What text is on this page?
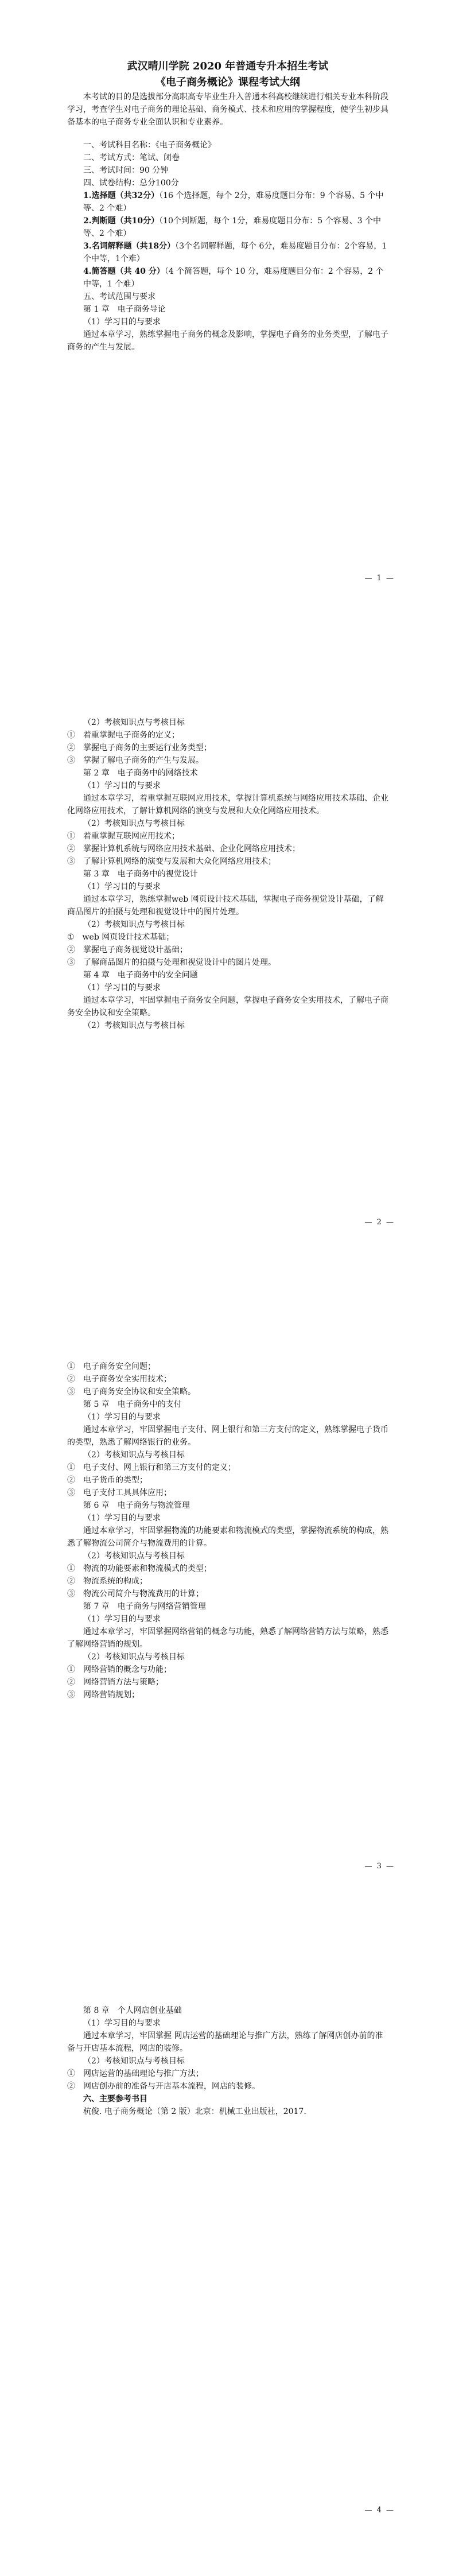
武汉晴川学院 2020 年普通专升本招生考试

《电子商务概论》课程考试大纲

本考试的目的是选拔部分高职高专毕业生升入普通本科高校继续进行相关专业本科阶段学习，考查学生对电子商务的理论基础、商务模式、技术和应用的掌握程度，使学生初步具备基本的电子商务专业全面认识和专业素养。

一、考试科目名称：《电子商务概论》

二、考试方式：笔试、闭卷

三、考试时间：90 分钟

四、试卷结构：总分100分

1.选择题（共32分）（16 个选择题，每个 2分，难易度题目分布：9 个容易、5 个中等、2 个难）

2.判断题（共10分）（10个判断题，每个 1分，难易度题目分布：5 个容易、3 个中等、2 个难）

3.名词解释题（共18分）（3个名词解释题，每个 6分，难易度题目分布：2个容易，1个中等，1个难）

4.简答题（共 40 分）（4 个简答题，每个 10 分，难易度题目分布：2 个容易，2 个中等，1 个难）

五、考试范围与要求

第 1 章　电子商务导论

（1）学习目的与要求

通过本章学习，熟练掌握电子商务的概念及影响，掌握电子商务的业务类型，了解电子商务的产生与发展。

— 1 —

（2）考核知识点与考核目标

①　着重掌握电子商务的定义；

②　掌握电子商务的主要运行业务类型；

③　掌握了解电子商务的产生与发展。

第 2 章　电子商务中的网络技术

（1）学习目的与要求

通过本章学习，着重掌握互联网应用技术，掌握计算机系统与网络应用技术基础、企业化网络应用技术，了解计算机网络的演变与发展和大众化网络应用技术。

（2）考核知识点与考核目标

①　着重掌握互联网应用技术；

②　掌握计算机系统与网络应用技术基础、企业化网络应用技术；

③　了解计算机网络的演变与发展和大众化网络应用技术；

第 3 章　电子商务中的视觉设计

（1）学习目的与要求

通过本章学习，熟练掌握web 网页设计技术基础，掌握电子商务视觉设计基础，了解商品图片的拍摄与处理和视觉设计中的图片处理。

（2）考核知识点与考核目标

①　web 网页设计技术基础；

②　掌握电子商务视觉设计基础；

③　了解商品图片的拍摄与处理和视觉设计中的图片处理。

第 4 章　电子商务中的安全问题

（1）学习目的与要求

通过本章学习，牢固掌握电子商务安全问题，掌握电子商务安全实用技术，了解电子商务安全协议和安全策略。

（2）考核知识点与考核目标

— 2 —

①　电子商务安全问题；

②　电子商务安全实用技术；

③　电子商务安全协议和安全策略。

第 5 章　电子商务中的支付

（1）学习目的与要求

通过本章学习，牢固掌握电子支付、网上银行和第三方支付的定义，熟练掌握电子货币的类型，熟悉了解网络银行的业务。

（2）考核知识点与考核目标

①　电子支付、网上银行和第三方支付的定义；

②　电子货币的类型；

③　电子支付工具具体应用；

第 6 章　电子商务与物流管理

（1）学习目的与要求

通过本章学习，牢固掌握物流的功能要素和物流模式的类型，掌握物流系统的构成，熟悉了解物流公司简介与物流费用的计算。

（2）考核知识点与考核目标

①　物流的功能要素和物流模式的类型；

②　物流系统的构成；

③　物流公司简介与物流费用的计算；

第 7 章　电子商务与网络营销管理

（1）学习目的与要求

通过本章学习，牢固掌握网络营销的概念与功能，熟悉了解网络营销方法与策略，熟悉了解网络营销的规划。

（2）考核知识点与考核目标

①　网络营销的概念与功能；

②　网络营销方法与策略；

③　网络营销规划；

— 3 —

第 8 章　个人网店创业基础

（1）学习目的与要求

通过本章学习，牢固掌握 网店运营的基础理论与推广方法，熟练了解网店创办前的准备与开店基本流程，网店的装修。

（2）考核知识点与考核目标

①　网店运营的基础理论与推广方法；

②　网店创办前的准备与开店基本流程，网店的装修。

六、主要参考书目

杭俊. 电子商务概论（第 2 版）北京：机械工业出版社，2017.

— 4 —
